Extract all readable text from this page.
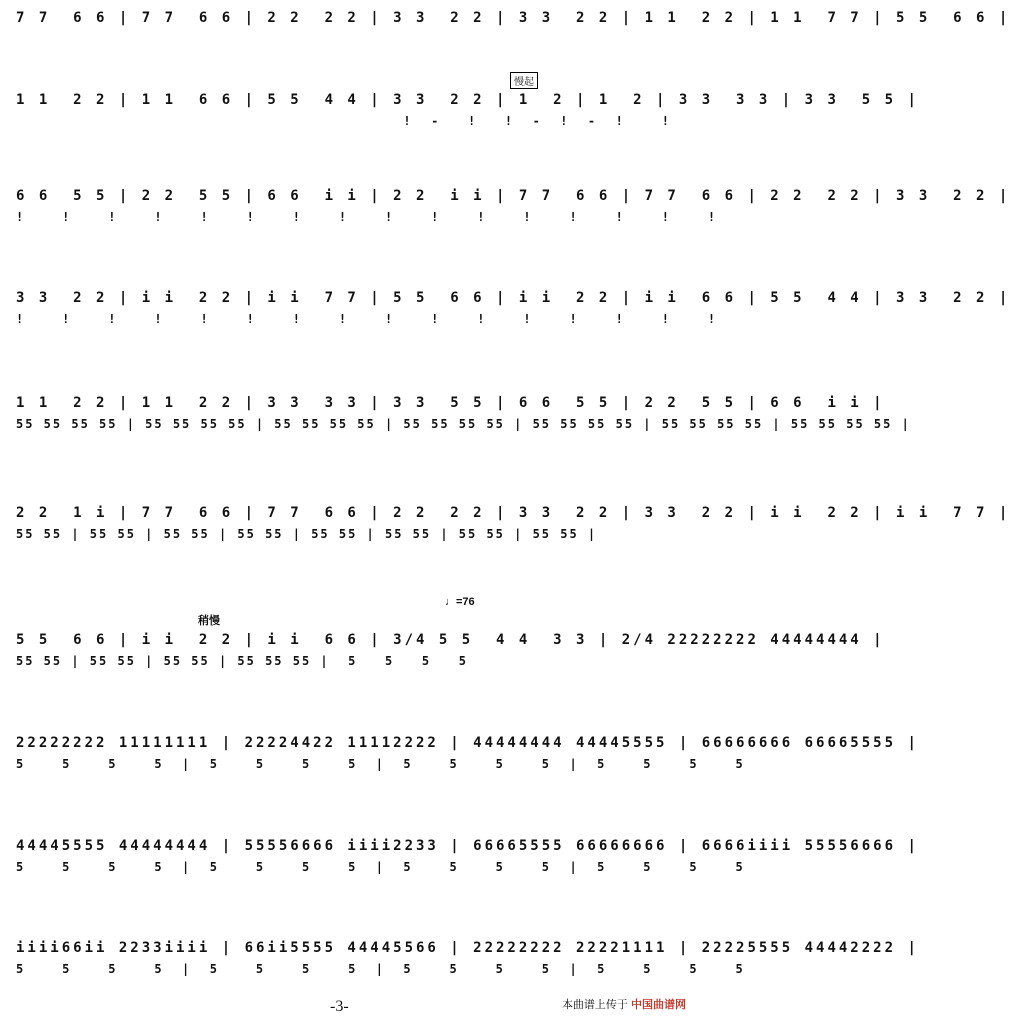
7 7  6 6 | 7 7  6 6 | 2 2  2 2 | 3 3  2 2 | 3 3  2 2 | 1 1  2 2 | 1 1  7 7 | 5 5  6 6 |
慢起
1 1  2 2 | 1 1  6 6 | 5 5  4 4 | 3 3  2 2 | 1  2 | 1  2 | 3 3  3 3 | 3 3  5 5 |
!  -   !   !  -  !  -  !    !
6 6  5 5 | 2 2  5 5 | 6 6  i i | 2 2  i i | 7 7  6 6 | 7 7  6 6 | 2 2  2 2 | 3 3  2 2 |
!    !    !    !    !    !    !    !    !    !    !    !    !    !    !    !
3 3  2 2 | i i  2 2 | i i  7 7 | 5 5  6 6 | i i  2 2 | i i  6 6 | 5 5  4 4 | 3 3  2 2 |
!    !    !    !    !    !    !    !    !    !    !    !    !    !    !    !
1 1  2 2 | 1 1  2 2 | 3 3  3 3 | 3 3  5 5 | 6 6  5 5 | 2 2  5 5 | 6 6  i i |
55 55 55 55 | 55 55 55 55 | 55 55 55 55 | 55 55 55 55 | 55 55 55 55 | 55 55 55 55 | 55 55 55 55 |
2 2  1 i | 7 7  6 6 | 7 7  6 6 | 2 2  2 2 | 3 3  2 2 | 3 3  2 2 | i i  2 2 | i i  7 7 |
55 55 | 55 55 | 55 55 | 55 55 | 55 55 | 55 55 | 55 55 | 55 55 |
稍慢
♩=76
5 5  6 6 | i i  2 2 | i i  6 6 | 3/4 5 5  4 4  3 3 | 2/4 22222222 44444444 |
55 55 | 55 55 | 55 55 | 55 55 55 |  5   5   5   5
22222222 11111111 | 22224422 11112222 | 44444444 44445555 | 66666666 66665555 |
5    5    5    5  |  5    5    5    5  |  5    5    5    5  |  5    5    5    5
44445555 44444444 | 55556666 iiii2233 | 66665555 66666666 | 6666iiii 55556666 |
5    5    5    5  |  5    5    5    5  |  5    5    5    5  |  5    5    5    5
iiii66ii 2233iiii | 66ii5555 44445566 | 22222222 22221111 | 22225555 44442222 |
5    5    5    5  |  5    5    5    5  |  5    5    5    5  |  5    5    5    5
-3-	本曲谱上传于 中国曲谱网
